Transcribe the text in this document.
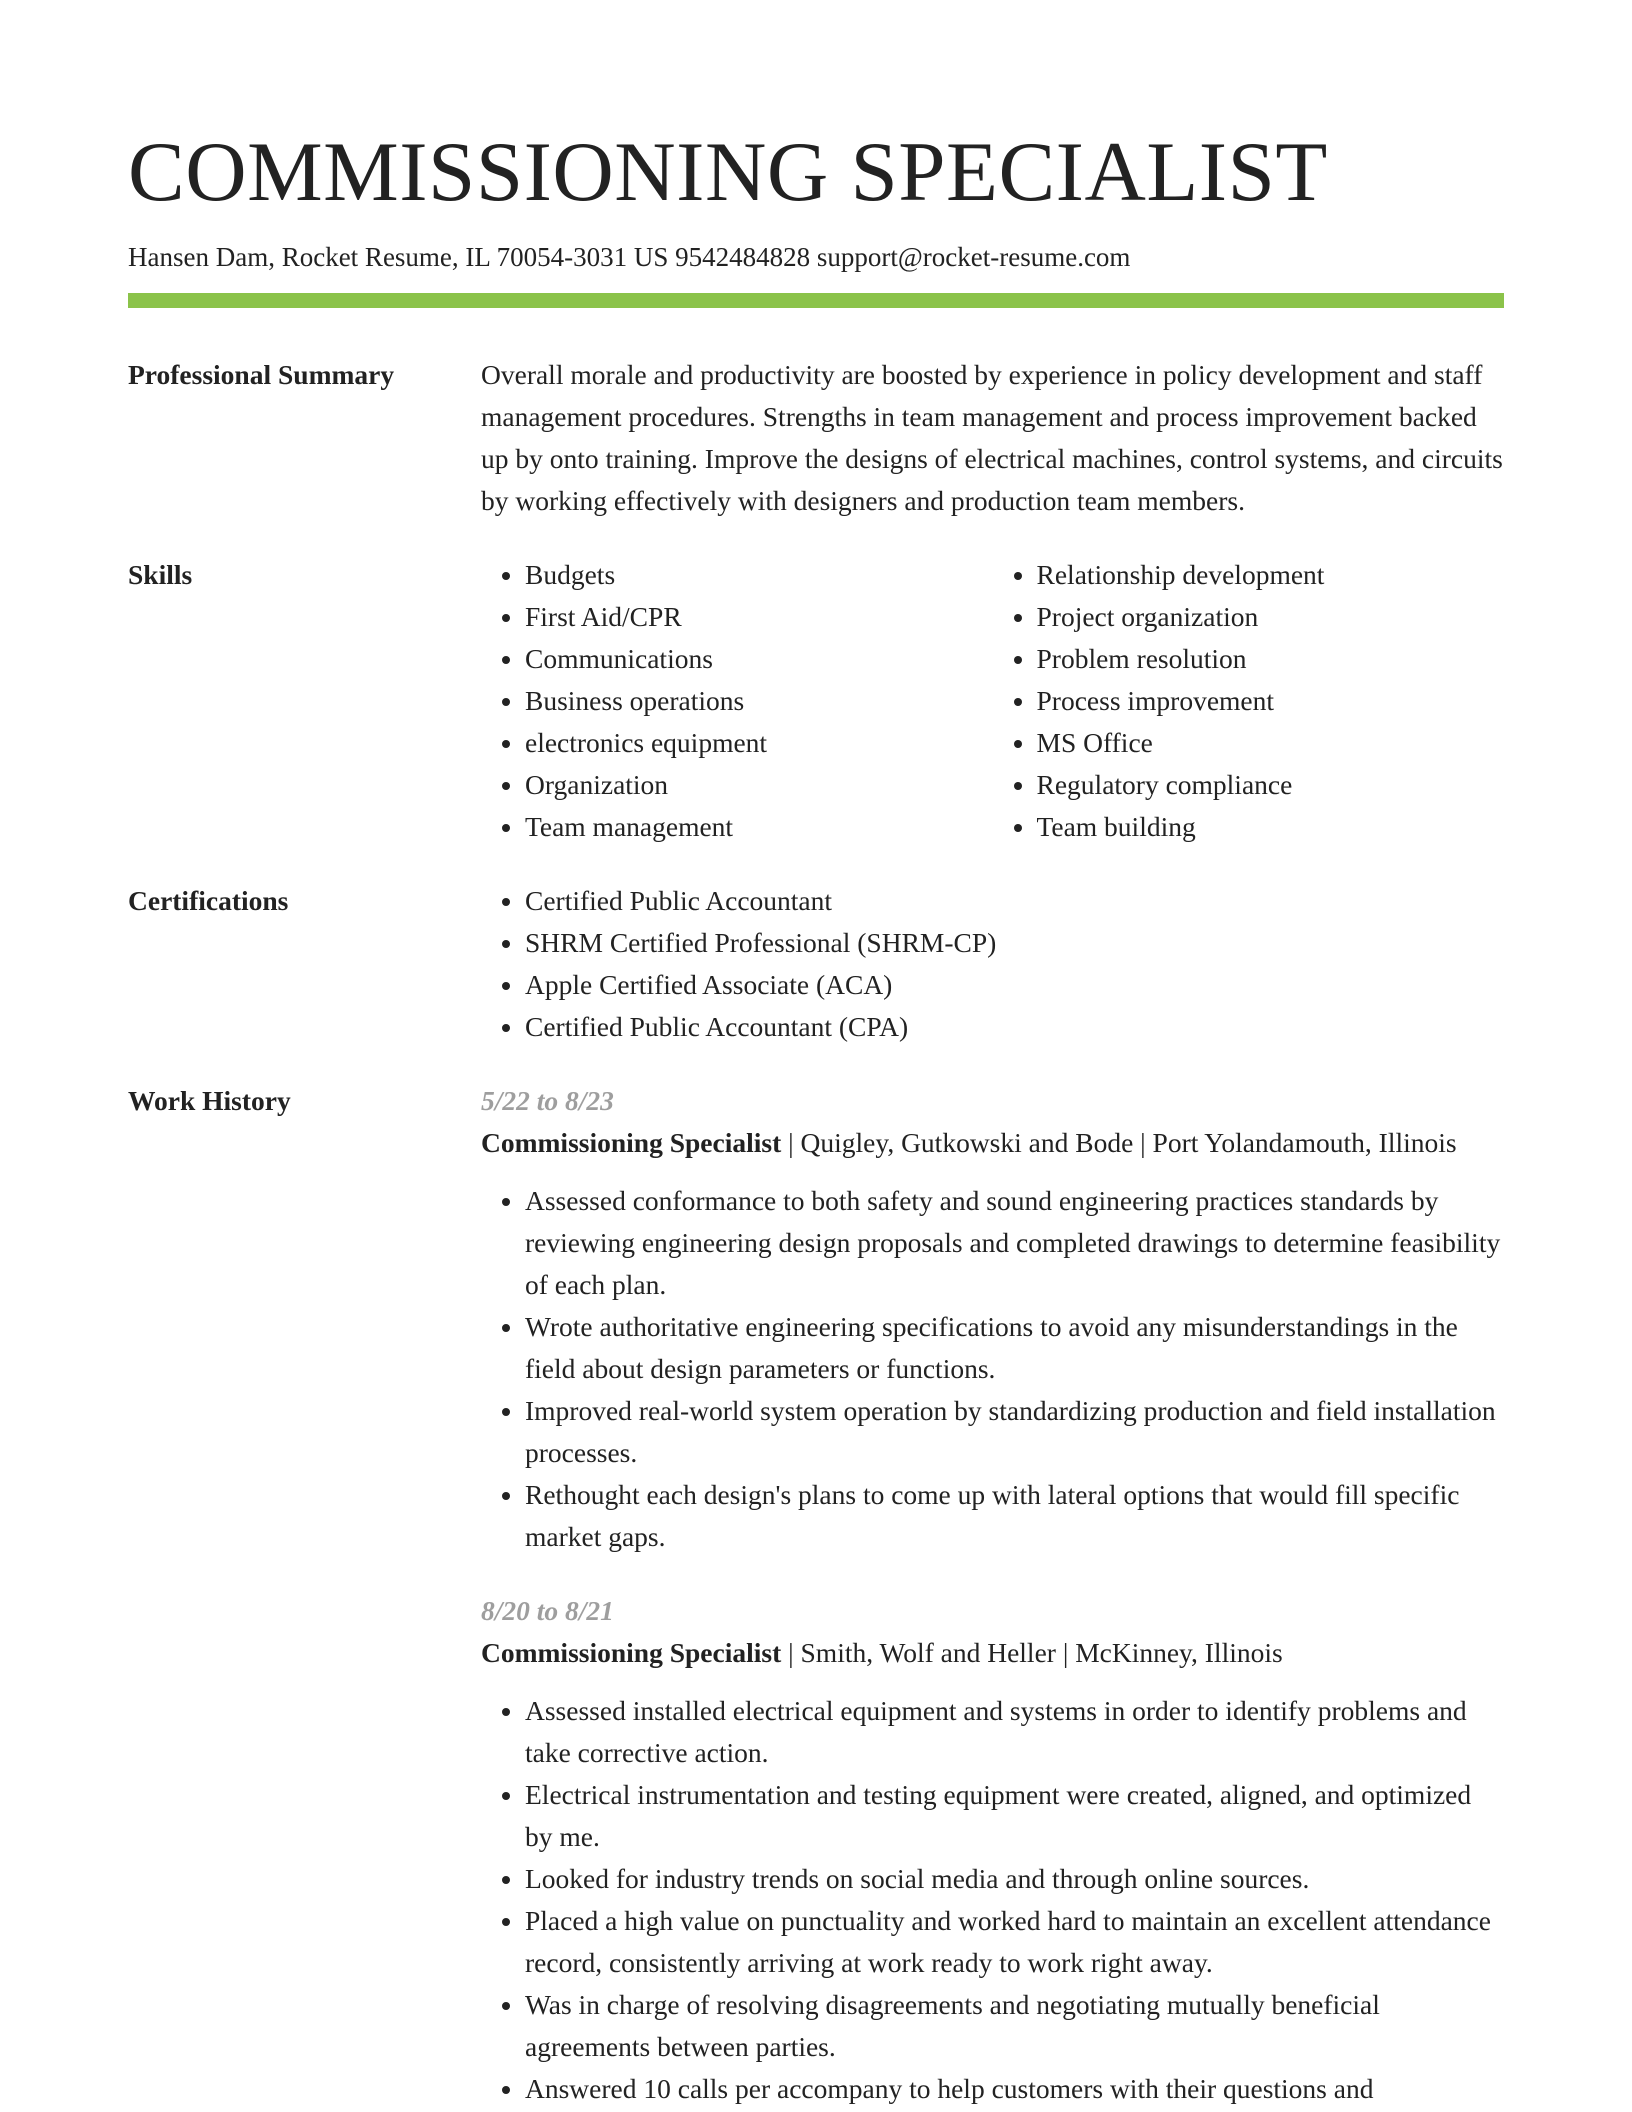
COMMISSIONING SPECIALIST
Hansen Dam, Rocket Resume, IL 70054-3031 US 9542484828 support@rocket-resume.com
Professional Summary	Overall morale and productivity are boosted by experience in policy development and staff management procedures. Strengths in team management and process improvement backed up by onto training. Improve the designs of electrical machines, control systems, and circuits by working effectively with designers and production team members.
Skills	• Budgets
• First Aid/CPR
• Communications
• Business operations
• electronics equipment
• Organization
• Team management
• Relationship development
• Project organization
• Problem resolution
• Process improvement
• MS Office
• Regulatory compliance
• Team building
Certifications	• Certified Public Accountant
• SHRM Certified Professional (SHRM-CP)
• Apple Certified Associate (ACA)
• Certified Public Accountant (CPA)
Work History	5/22 to 8/23
Commissioning Specialist | Quigley, Gutkowski and Bode | Port Yolandamouth, Illinois
• Assessed conformance to both safety and sound engineering practices standards by reviewing engineering design proposals and completed drawings to determine feasibility of each plan.
• Wrote authoritative engineering specifications to avoid any misunderstandings in the field about design parameters or functions.
• Improved real-world system operation by standardizing production and field installation processes.
• Rethought each design's plans to come up with lateral options that would fill specific market gaps.
8/20 to 8/21
Commissioning Specialist | Smith, Wolf and Heller | McKinney, Illinois
• Assessed installed electrical equipment and systems in order to identify problems and take corrective action.
• Electrical instrumentation and testing equipment were created, aligned, and optimized by me.
• Looked for industry trends on social media and through online sources.
• Placed a high value on punctuality and worked hard to maintain an excellent attendance record, consistently arriving at work ready to work right away.
• Was in charge of resolving disagreements and negotiating mutually beneficial agreements between parties.
• Answered 10 calls per accompany to help customers with their questions and
